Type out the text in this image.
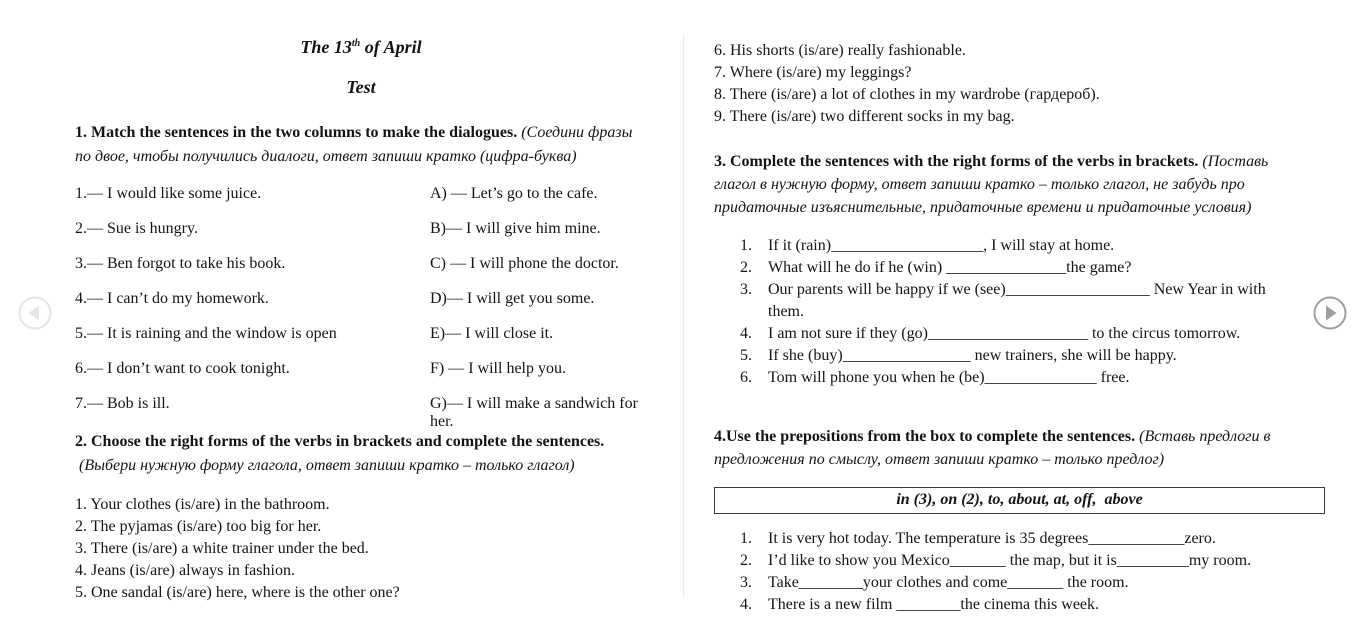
The 13th of April
Test

1. Match the sentences in the two columns to make the dialogues. (Соедини фразы по двое, чтобы получились диалоги, ответ запиши кратко (цифра-буква)

1.— I would like some juice.	A) — Let’s go to the cafe.
2.— Sue is hungry.	B)— I will give him mine.
3.— Ben forgot to take his book.	C) — I will phone the doctor.
4.— I can’t do my homework.	D)— I will get you some.
5.— It is raining and the window is open	E)— I will close it.
6.— I don’t want to cook tonight.	F) — I will help you.
7.— Bob is ill.	G)— I will make a sandwich for her.

2. Choose the right forms of the verbs in brackets and complete the sentences.(Выбери нужную форму глагола, ответ запиши кратко – только глагол)

1. Your clothes (is/are) in the bathroom.
2. The pyjamas (is/are) too big for her.
3. There (is/are) a white trainer under the bed.
4. Jeans (is/are) always in fashion.
5. One sandal (is/are) here, where is the other one?
6. His shorts (is/are) really fashionable.
7. Where (is/are) my leggings?
8. There (is/are) a lot of clothes in my wardrobe (гардероб).
9. There (is/are) two different socks in my bag.

3. Complete the sentences with the right forms of the verbs in brackets. (Поставь глагол в нужную форму, ответ запиши кратко – только глагол, не забудь про придаточные изъяснительные, придаточные времени и придаточные условия)

1.	If it (rain)___________________, I will stay at home.
2.	What will he do if he (win) _______________the game?
3.	Our parents will be happy if we (see)__________________ New Year in with them.
4.	I am not sure if they (go)____________________ to the circus tomorrow.
5.	If she (buy)________________ new trainers, she will be happy.
6.	Tom will phone you when he (be)______________ free.

4.Use the prepositions from the box to complete the sentences. (Вставь предлоги в предложения по смыслу, ответ запиши кратко – только предлог)

in (3), on (2), to, about, at, off,  above
1.	It is very hot today. The temperature is 35 degrees____________zero.
2.	I’d like to show you Mexico_______ the map, but it is_________my room.
3.	Take________your clothes and come_______ the room.
4.	There is a new film ________the cinema this week.
